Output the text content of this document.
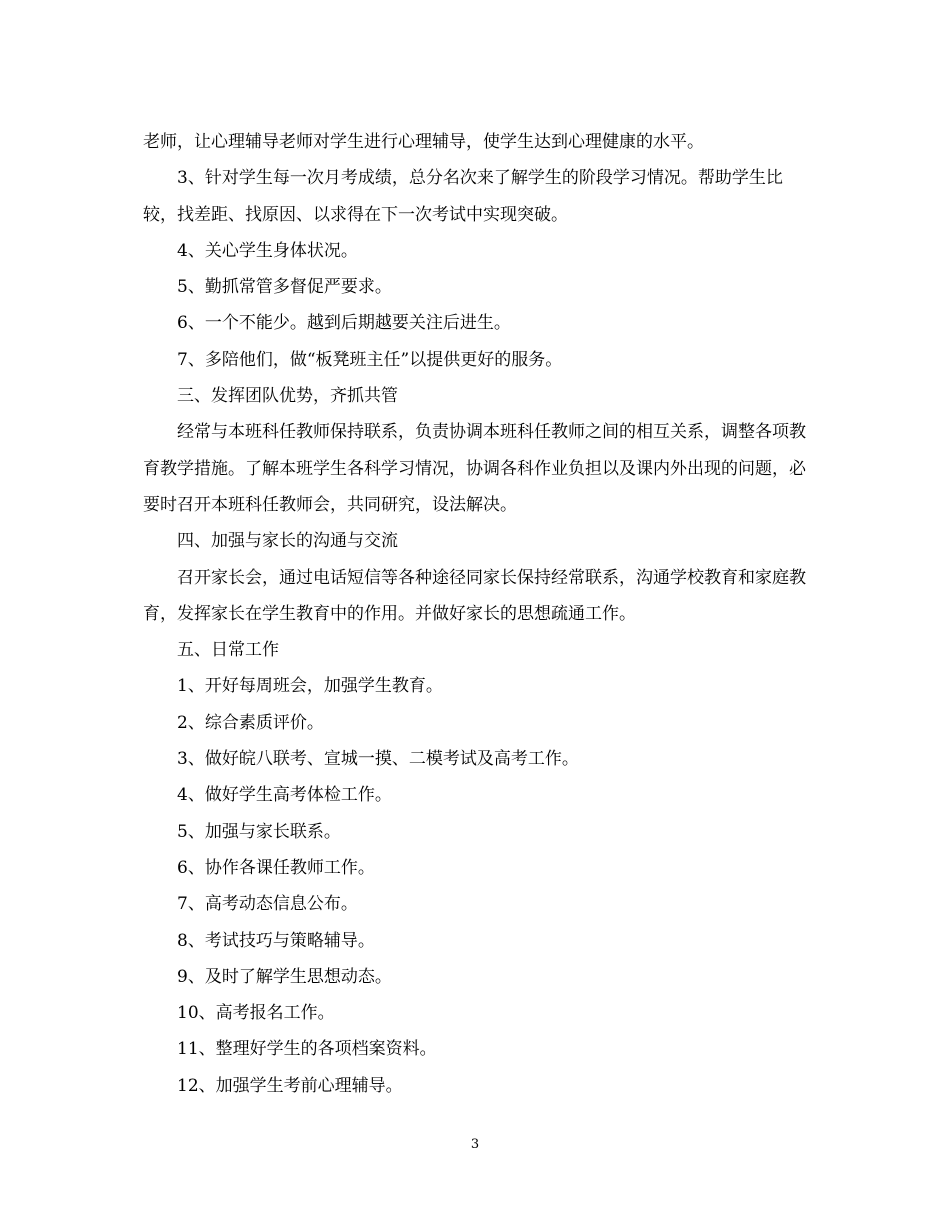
老师，让心理辅导老师对学生进行心理辅导，使学生达到心理健康的水平。

3、针对学生每一次月考成绩，总分名次来了解学生的阶段学习情况。帮助学生比较，找差距、找原因、以求得在下一次考试中实现突破。

4、关心学生身体状况。

5、勤抓常管多督促严要求。

6、一个不能少。越到后期越要关注后进生。

7、多陪他们，做“板凳班主任”以提供更好的服务。

三、发挥团队优势，齐抓共管

经常与本班科任教师保持联系，负责协调本班科任教师之间的相互关系，调整各项教育教学措施。了解本班学生各科学习情况，协调各科作业负担以及课内外出现的问题，必要时召开本班科任教师会，共同研究，设法解决。

四、加强与家长的沟通与交流

召开家长会，通过电话短信等各种途径同家长保持经常联系，沟通学校教育和家庭教育，发挥家长在学生教育中的作用。并做好家长的思想疏通工作。

五、日常工作

1、开好每周班会，加强学生教育。

2、综合素质评价。

3、做好皖八联考、宣城一摸、二模考试及高考工作。

4、做好学生高考体检工作。

5、加强与家长联系。

6、协作各课任教师工作。

7、高考动态信息公布。

8、考试技巧与策略辅导。

9、及时了解学生思想动态。

10、高考报名工作。

11、整理好学生的各项档案资料。

12、加强学生考前心理辅导。

3
